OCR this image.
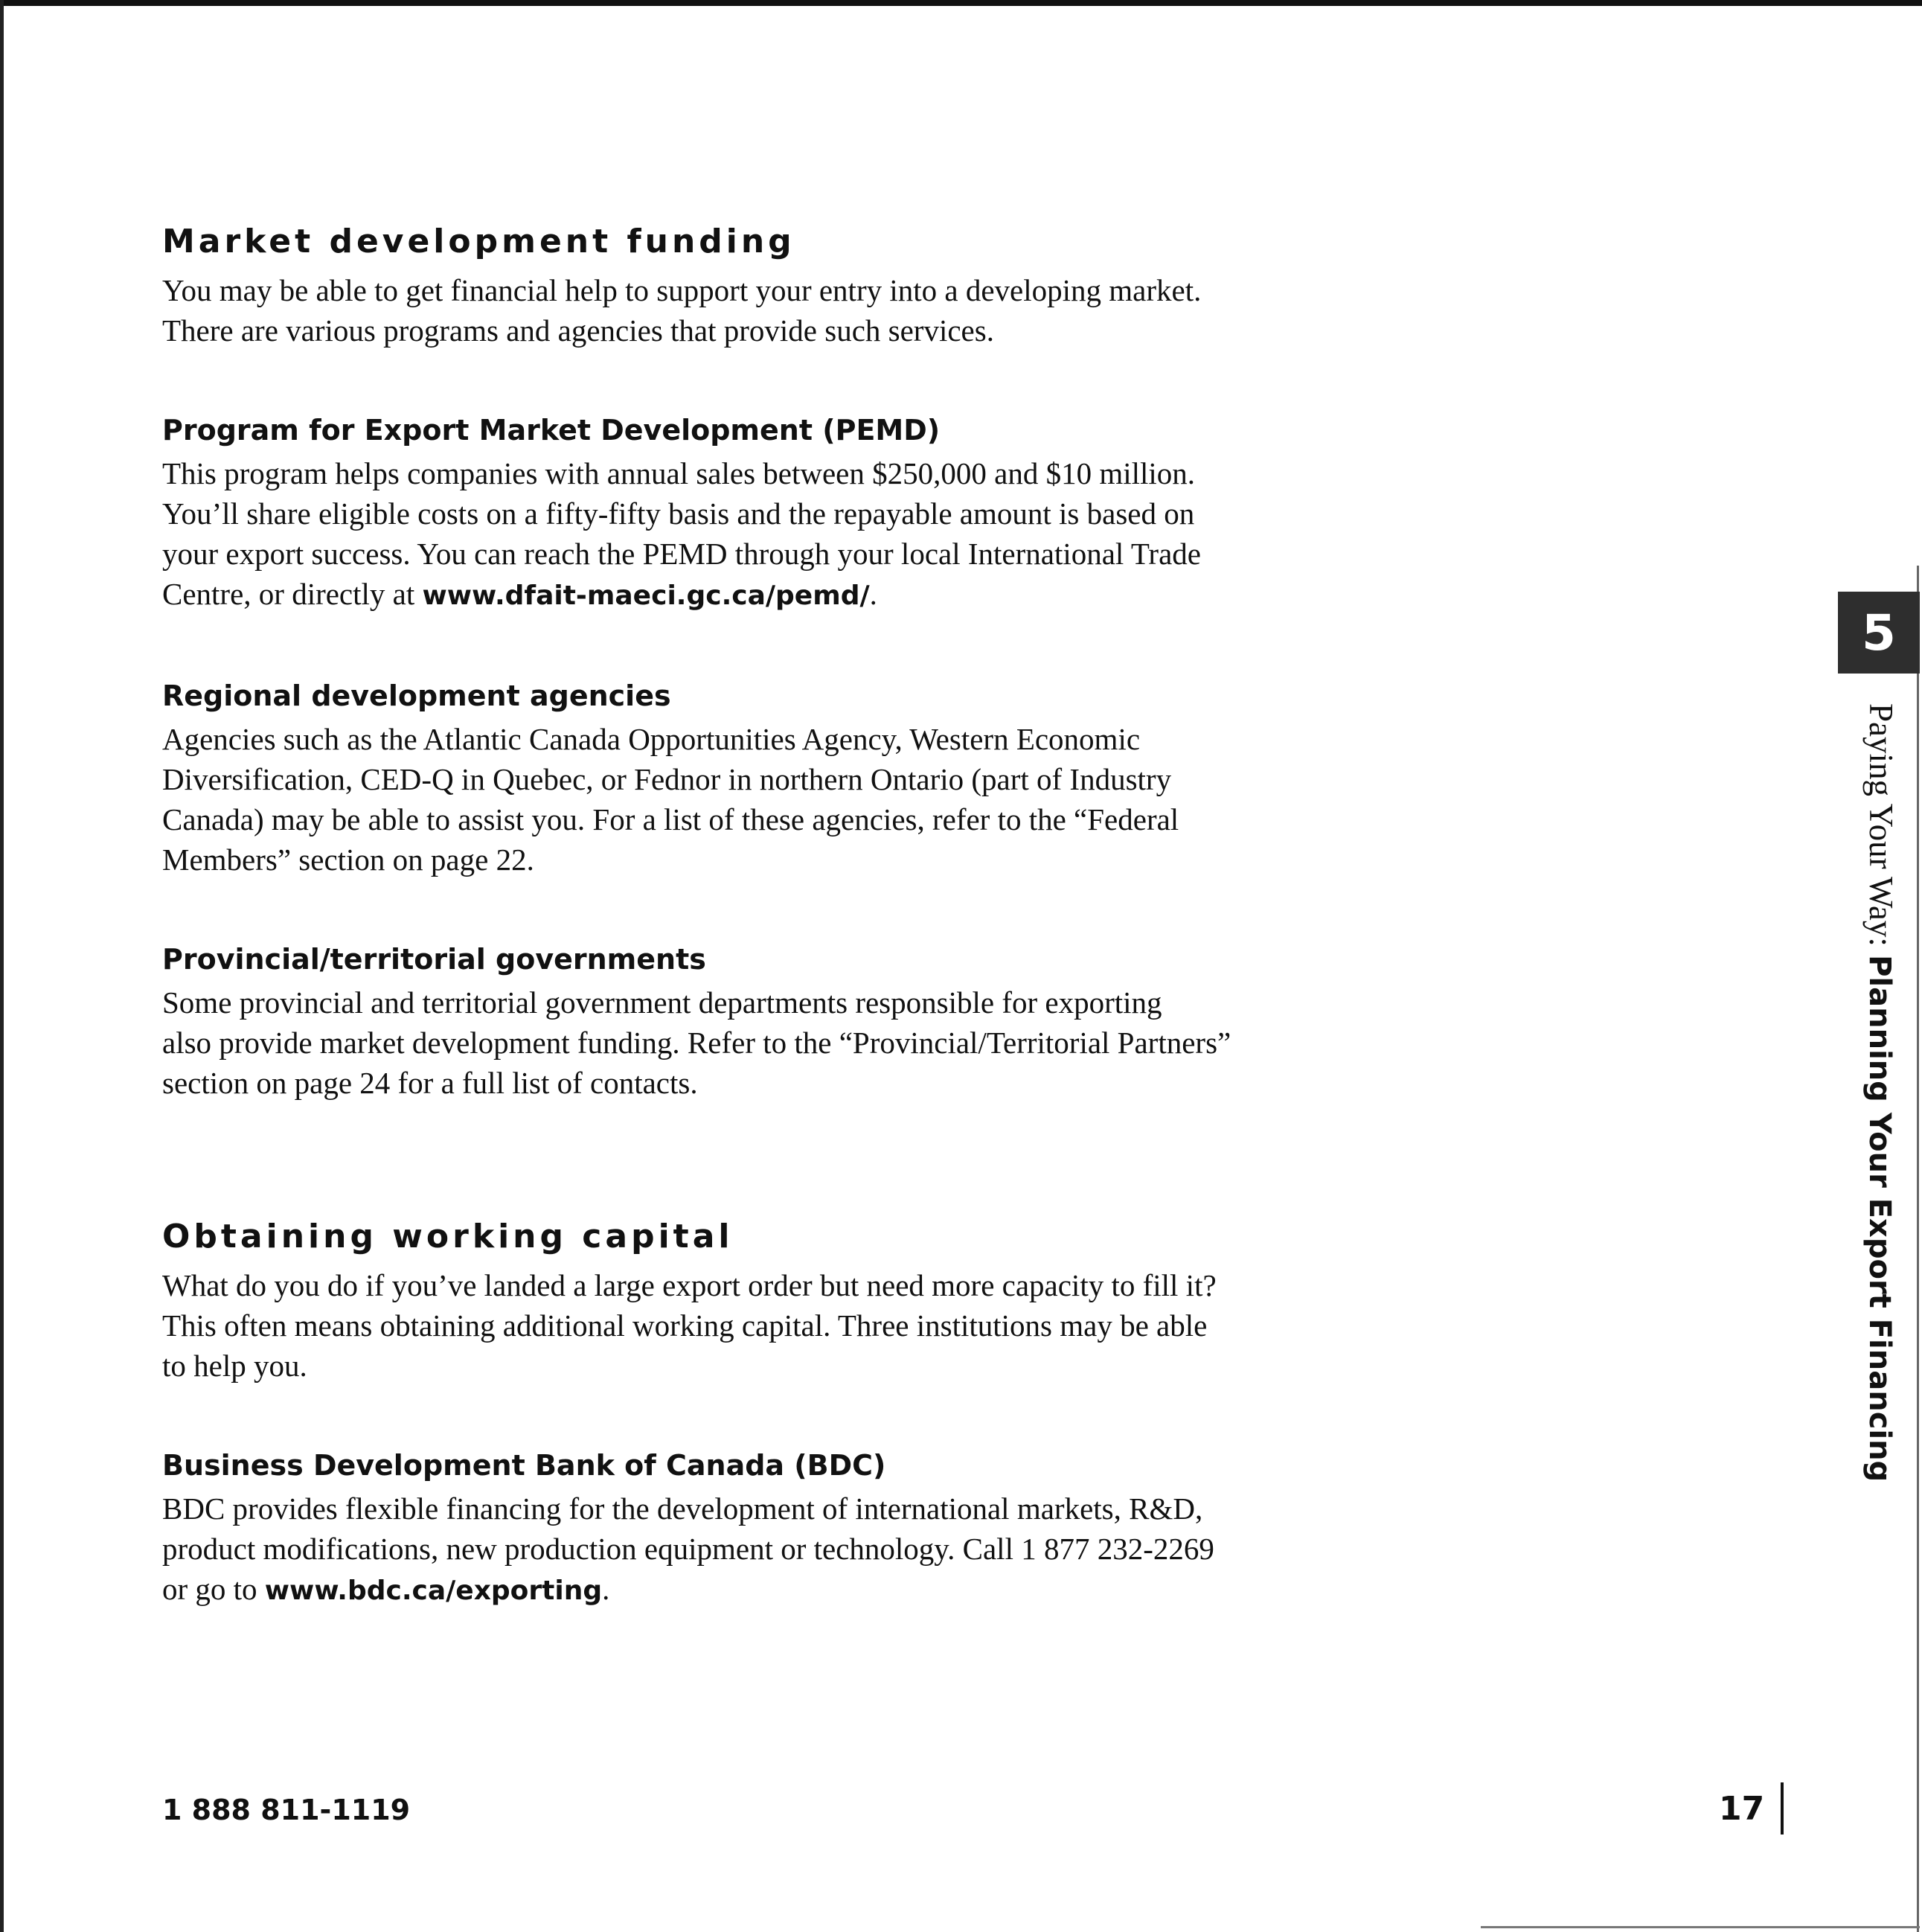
Market development funding

You may be able to get financial help to support your entry into a developing market.
There are various programs and agencies that provide such services.

Program for Export Market Development (PEMD)

This program helps companies with annual sales between $250,000 and $10 million.
You’ll share eligible costs on a fifty-fifty basis and the repayable amount is based on
your export success. You can reach the PEMD through your local International Trade
Centre, or directly at www.dfait-maeci.gc.ca/pemd/.

Regional development agencies

Agencies such as the Atlantic Canada Opportunities Agency, Western Economic
Diversification, CED-Q in Quebec, or Fednor in northern Ontario (part of Industry
Canada) may be able to assist you. For a list of these agencies, refer to the “Federal
Members” section on page 22.

Provincial/territorial governments

Some provincial and territorial government departments responsible for exporting
also provide market development funding. Refer to the “Provincial/Territorial Partners”
section on page 24 for a full list of contacts.

Obtaining working capital

What do you do if you’ve landed a large export order but need more capacity to fill it?
This often means obtaining additional working capital. Three institutions may be able
to help you.

Business Development Bank of Canada (BDC)

BDC provides flexible financing for the development of international markets, R&D,
product modifications, new production equipment or technology. Call 1 877 232-2269
or go to www.bdc.ca/exporting.

1 888 811-1119	17
5
Paying Your Way: Planning Your Export Financing
